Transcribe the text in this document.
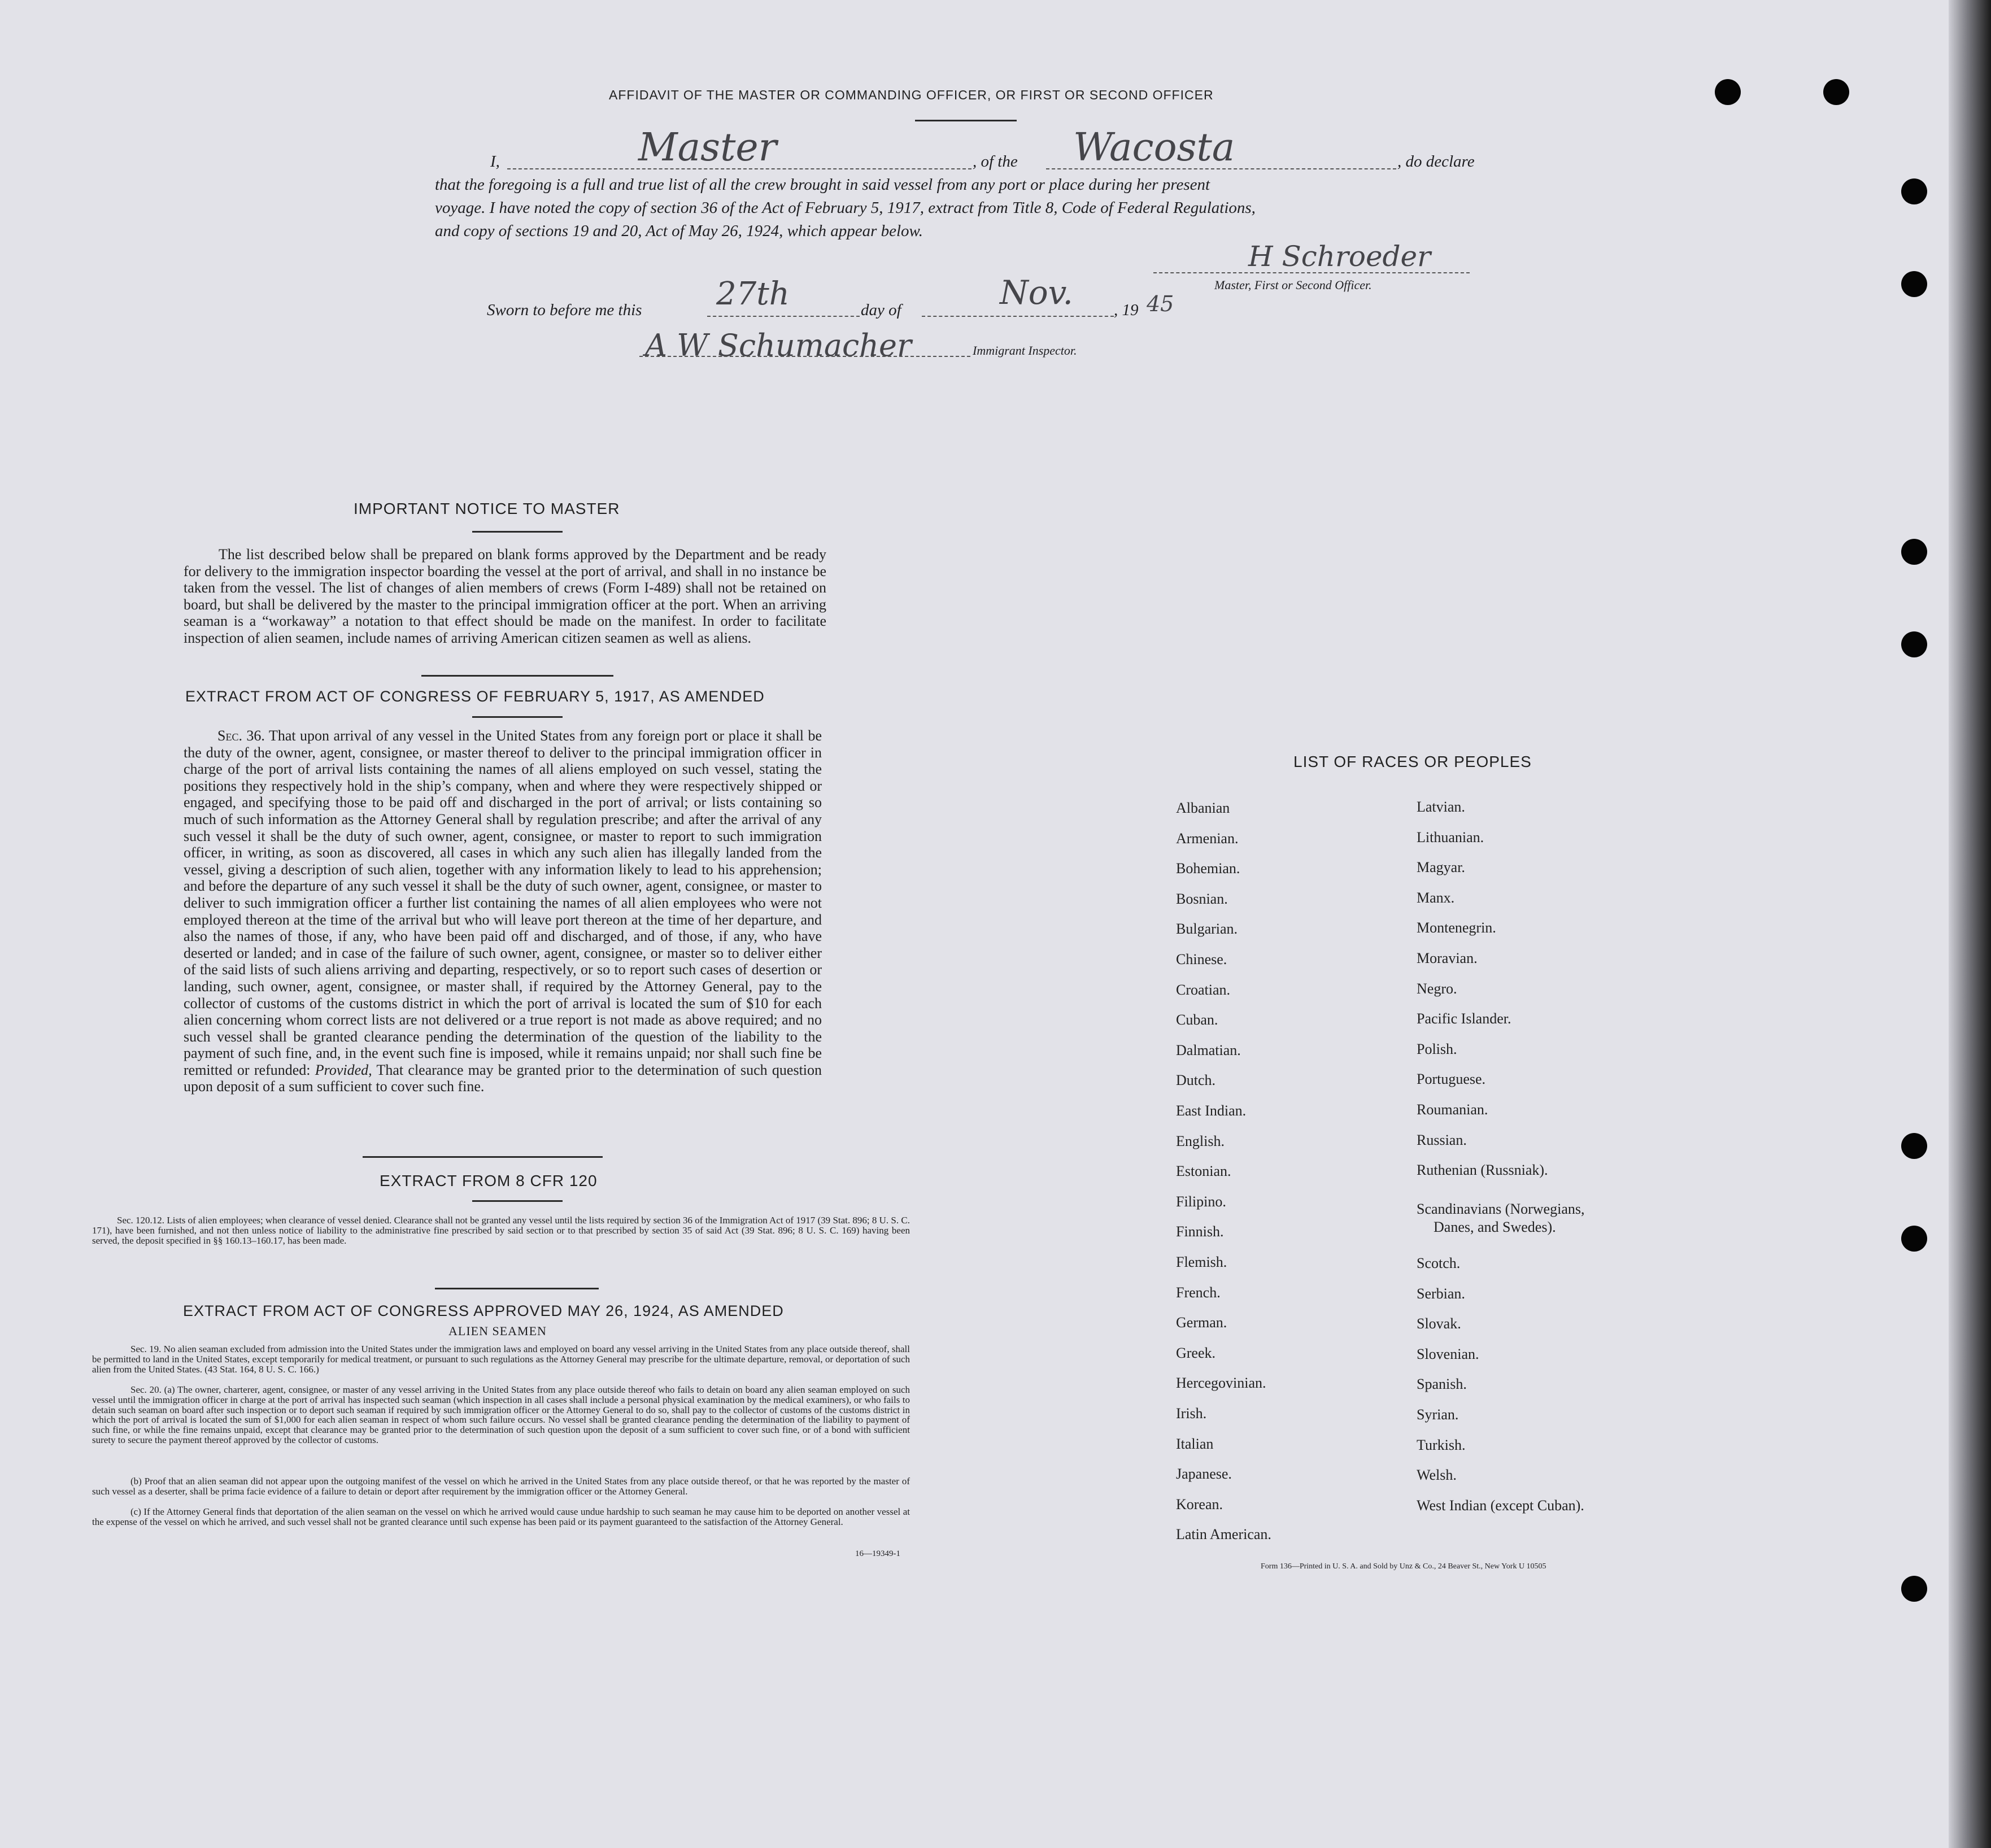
AFFIDAVIT OF THE MASTER OR COMMANDING OFFICER, OR FIRST OR SECOND OFFICER
I,	Master	, of the Wacosta	, do declare
that the foregoing is a full and true list of all the crew brought in said vessel from any port or place during her present
voyage. I have noted the copy of section 36 of the Act of February 5, 1917, extract from Title 8, Code of Federal Regulations,
and copy of sections 19 and 20, Act of May 26, 1924, which appear below.
H Schroeder
Master, First or Second Officer.
Sworn to before me this 27th	day of	Nov. , 19 45
A W Schumacher	Immigrant Inspector.
IMPORTANT NOTICE TO MASTER
The list described below shall be prepared on blank forms approved by the Department and be ready for delivery to the immigration inspector boarding the vessel at the port of arrival, and shall in no instance be taken from the vessel. The list of changes of alien members of crews (Form I-489) shall not be retained on board, but shall be delivered by the master to the principal immigration officer at the port. When an arriving seaman is a “workaway” a notation to that effect should be made on the manifest. In order to facilitate inspection of alien seamen, include names of arriving American citizen seamen as well as aliens.
EXTRACT FROM ACT OF CONGRESS OF FEBRUARY 5, 1917, AS AMENDED
Sec. 36. That upon arrival of any vessel in the United States from any foreign port or place it shall be the duty of the owner, agent, consignee, or master thereof to deliver to the principal immigration officer in charge of the port of arrival lists containing the names of all aliens employed on such vessel, stating the positions they respectively hold in the ship’s company, when and where they were respectively shipped or engaged, and specifying those to be paid off and discharged in the port of arrival; or lists containing so much of such information as the Attorney General shall by regulation prescribe; and after the arrival of any such vessel it shall be the duty of such owner, agent, consignee, or master to report to such immigration officer, in writing, as soon as discovered, all cases in which any such alien has illegally landed from the vessel, giving a description of such alien, together with any information likely to lead to his apprehension; and before the departure of any such vessel it shall be the duty of such owner, agent, consignee, or master to deliver to such immigration officer a further list containing the names of all alien employees who were not employed thereon at the time of the arrival but who will leave port thereon at the time of her departure, and also the names of those, if any, who have been paid off and discharged, and of those, if any, who have deserted or landed; and in case of the failure of such owner, agent, consignee, or master so to deliver either of the said lists of such aliens arriving and departing, respectively, or so to report such cases of desertion or landing, such owner, agent, consignee, or master shall, if required by the Attorney General, pay to the collector of customs of the customs district in which the port of arrival is located the sum of $10 for each alien concerning whom correct lists are not delivered or a true report is not made as above required; and no such vessel shall be granted clearance pending the determination of the question of the liability to the payment of such fine, and, in the event such fine is imposed, while it remains unpaid; nor shall such fine be remitted or refunded: Provided, That clearance may be granted prior to the determination of such question upon deposit of a sum sufficient to cover such fine.
EXTRACT FROM 8 CFR 120
Sec. 120.12. Lists of alien employees; when clearance of vessel denied. Clearance shall not be granted any vessel until the lists required by section 36 of the Immigration Act of 1917 (39 Stat. 896; 8 U. S. C. 171), have been furnished, and not then unless notice of liability to the administrative fine prescribed by said section or to that prescribed by section 35 of said Act (39 Stat. 896; 8 U. S. C. 169) having been served, the deposit specified in §§ 160.13–160.17, has been made.
EXTRACT FROM ACT OF CONGRESS APPROVED MAY 26, 1924, AS AMENDED
ALIEN SEAMEN
Sec. 19. No alien seaman excluded from admission into the United States under the immigration laws and employed on board any vessel arriving in the United States from any place outside thereof, shall be permitted to land in the United States, except temporarily for medical treatment, or pursuant to such regulations as the Attorney General may prescribe for the ultimate departure, removal, or deportation of such alien from the United States. (43 Stat. 164, 8 U. S. C. 166.)
Sec. 20. (a) The owner, charterer, agent, consignee, or master of any vessel arriving in the United States from any place outside thereof who fails to detain on board any alien seaman employed on such vessel until the immigration officer in charge at the port of arrival has inspected such seaman (which inspection in all cases shall include a personal physical examination by the medical examiners), or who fails to detain such seaman on board after such inspection or to deport such seaman if required by such immigration officer or the Attorney General to do so, shall pay to the collector of customs of the customs district in which the port of arrival is located the sum of $1,000 for each alien seaman in respect of whom such failure occurs. No vessel shall be granted clearance pending the determination of the liability to payment of such fine, or while the fine remains unpaid, except that clearance may be granted prior to the determination of such question upon the deposit of a sum sufficient to cover such fine, or of a bond with sufficient surety to secure the payment thereof approved by the collector of customs.
(b) Proof that an alien seaman did not appear upon the outgoing manifest of the vessel on which he arrived in the United States from any place outside thereof, or that he was reported by the master of such vessel as a deserter, shall be prima facie evidence of a failure to detain or deport after requirement by the immigration officer or the Attorney General.
(c) If the Attorney General finds that deportation of the alien seaman on the vessel on which he arrived would cause undue hardship to such seaman he may cause him to be deported on another vessel at the expense of the vessel on which he arrived, and such vessel shall not be granted clearance until such expense has been paid or its payment guaranteed to the satisfaction of the Attorney General.
16—19349-1
LIST OF RACES OR PEOPLES
Form 136—Printed in U. S. A. and Sold by Unz & Co., 24 Beaver St., New York U 10505
Albanian
Armenian.
Bohemian.
Bosnian.
Bulgarian.
Chinese.
Croatian.
Cuban.
Dalmatian.
Dutch.
East Indian.
English.
Estonian.
Filipino.
Finnish.
Flemish.
French.
German.
Greek.
Hercegovinian.
Irish.
Italian
Japanese.
Korean.
Latin American.
Latvian.
Lithuanian.
Magyar.
Manx.
Montenegrin.
Moravian.
Negro.
Pacific Islander.
Polish.
Portuguese.
Roumanian.
Russian.
Ruthenian (Russniak).
Scandinavians (Norwegians,
Danes, and Swedes).
Scotch.
Serbian.
Slovak.
Slovenian.
Spanish.
Syrian.
Turkish.
Welsh.
West Indian (except Cuban).
